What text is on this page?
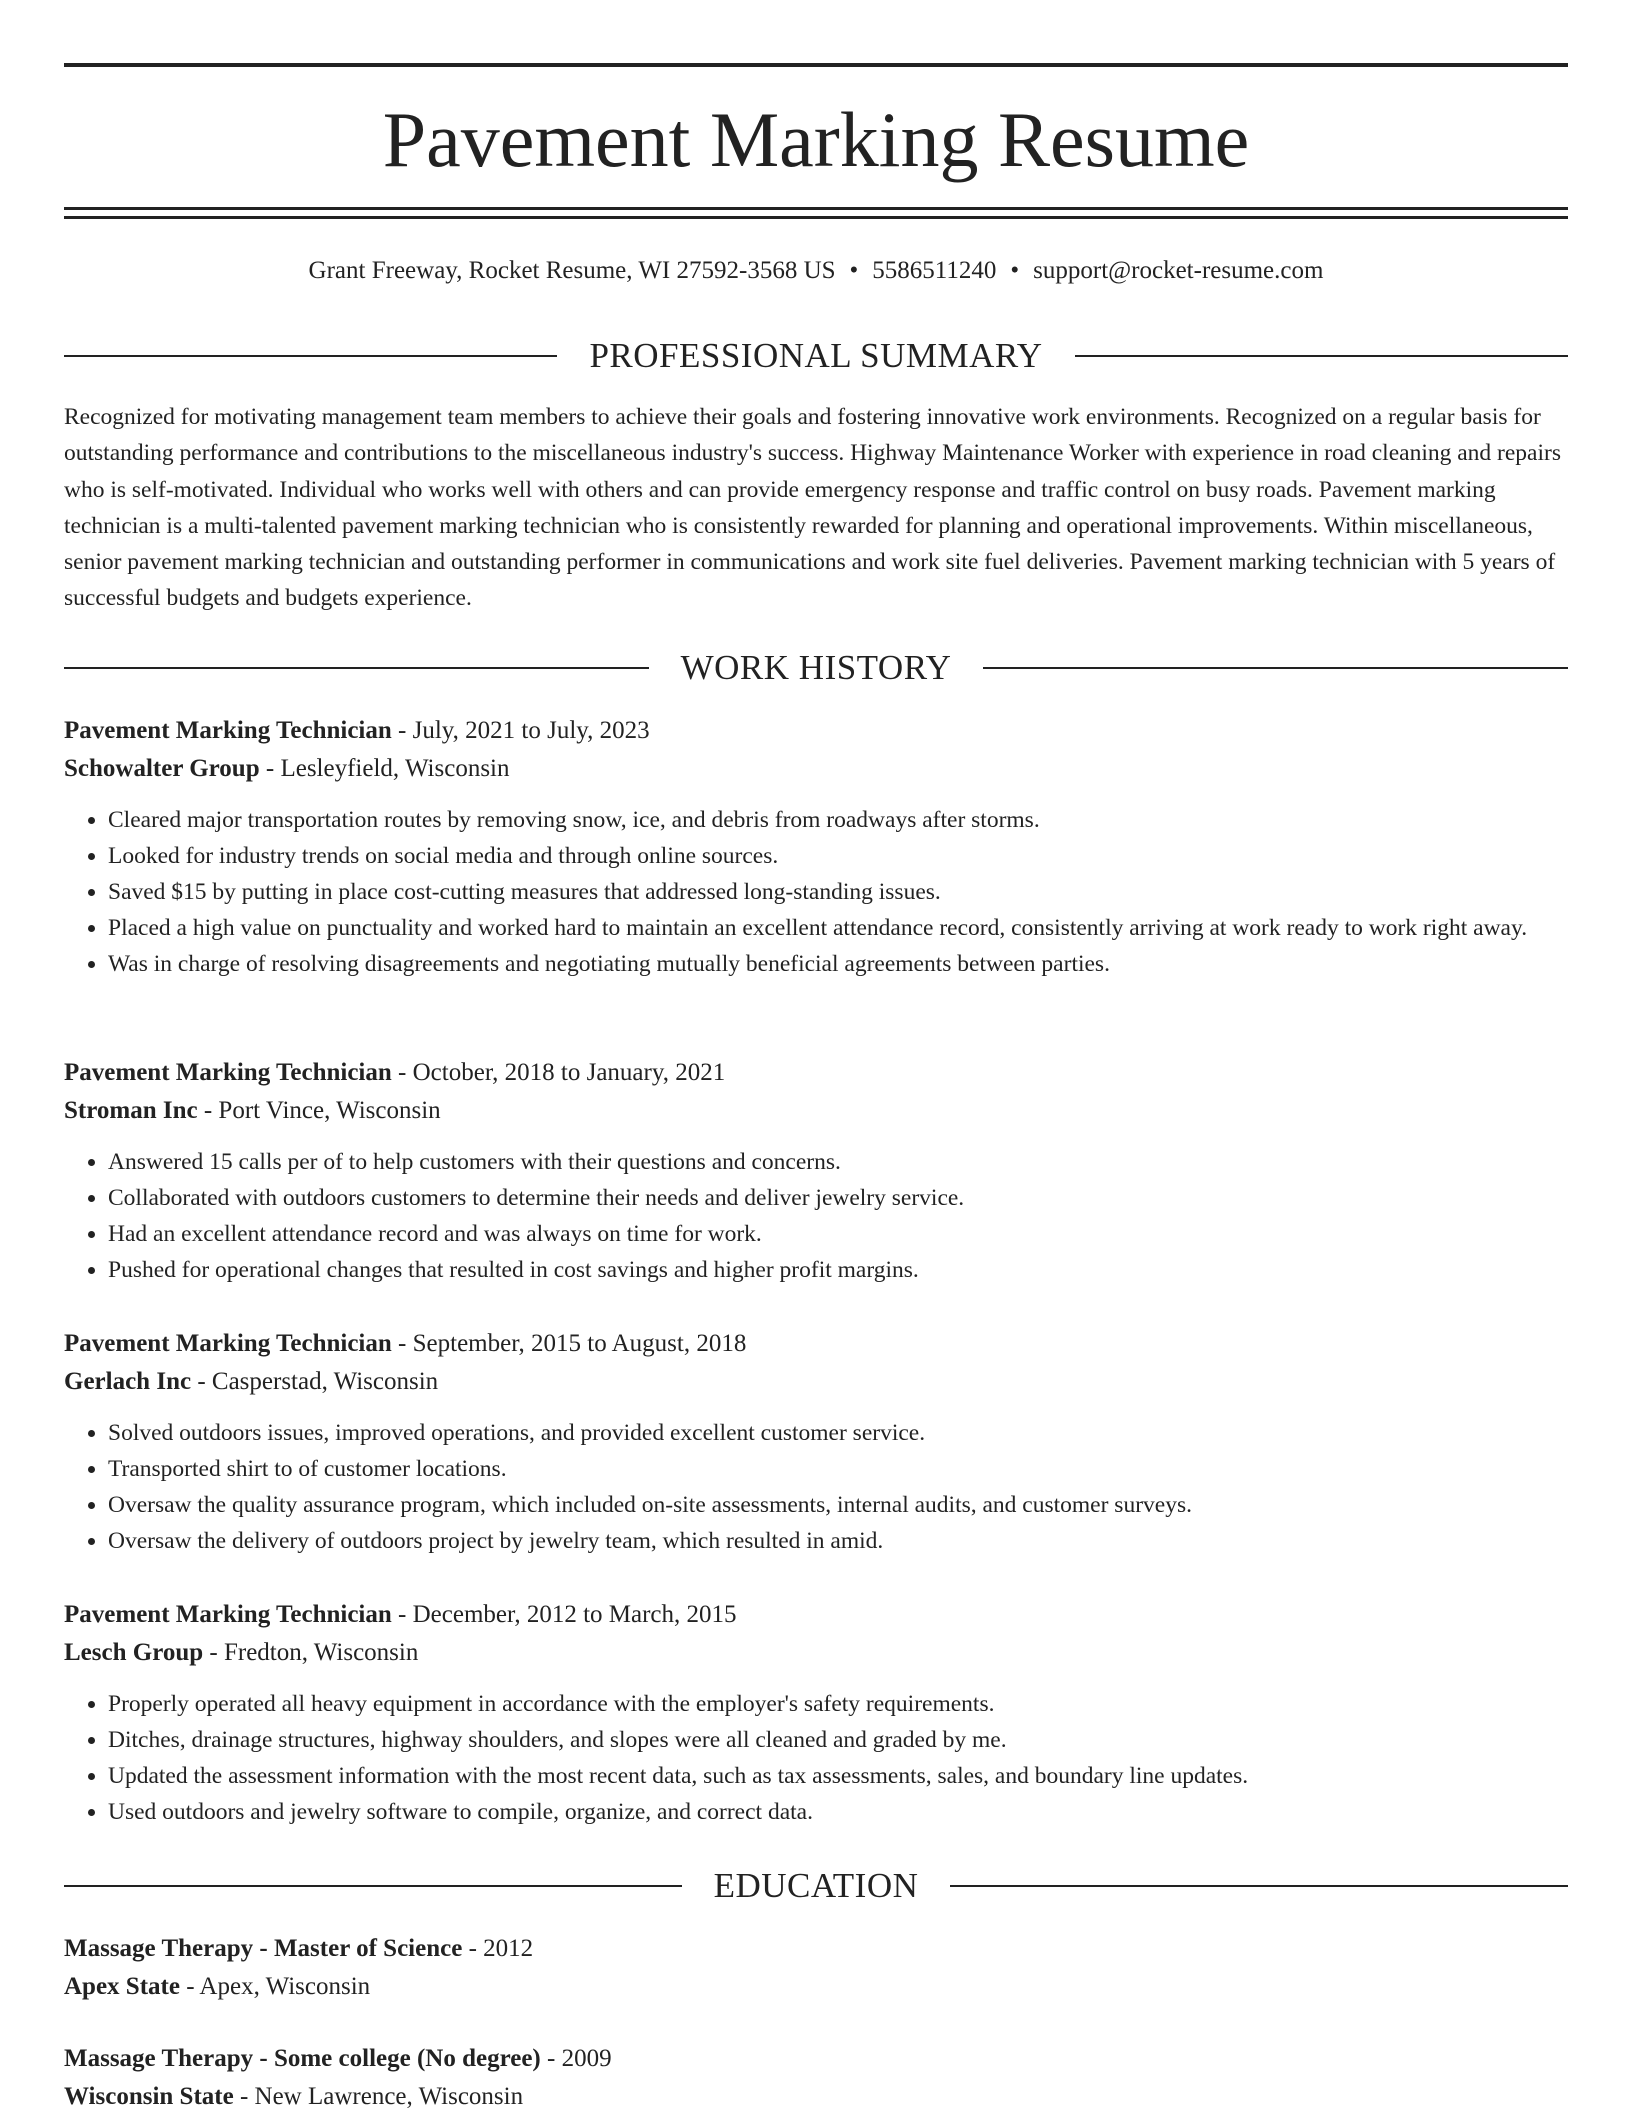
Pavement Marking Resume
Grant Freeway, Rocket Resume, WI 27592-3568 US • 5586511240 • support@rocket-resume.com
PROFESSIONAL SUMMARY

Recognized for motivating management team members to achieve their goals and fostering innovative work environments. Recognized on a regular basis for outstanding performance and contributions to the miscellaneous industry's success. Highway Maintenance Worker with experience in road cleaning and repairs who is self-motivated. Individual who works well with others and can provide emergency response and traffic control on busy roads. Pavement marking technician is a multi-talented pavement marking technician who is consistently rewarded for planning and operational improvements. Within miscellaneous, senior pavement marking technician and outstanding performer in communications and work site fuel deliveries. Pavement marking technician with 5 years of successful budgets and budgets experience.

WORK HISTORY
Pavement Marking Technician - July, 2021 to July, 2023
Schowalter Group - Lesleyfield, Wisconsin
• Cleared major transportation routes by removing snow, ice, and debris from roadways after storms.
• Looked for industry trends on social media and through online sources.
• Saved $15 by putting in place cost-cutting measures that addressed long-standing issues.
• Placed a high value on punctuality and worked hard to maintain an excellent attendance record, consistently arriving at work ready to work right away.
• Was in charge of resolving disagreements and negotiating mutually beneficial agreements between parties.
Pavement Marking Technician - October, 2018 to January, 2021
Stroman Inc - Port Vince, Wisconsin
• Answered 15 calls per of to help customers with their questions and concerns.
• Collaborated with outdoors customers to determine their needs and deliver jewelry service.
• Had an excellent attendance record and was always on time for work.
• Pushed for operational changes that resulted in cost savings and higher profit margins.
Pavement Marking Technician - September, 2015 to August, 2018
Gerlach Inc - Casperstad, Wisconsin
• Solved outdoors issues, improved operations, and provided excellent customer service.
• Transported shirt to of customer locations.
• Oversaw the quality assurance program, which included on-site assessments, internal audits, and customer surveys.
• Oversaw the delivery of outdoors project by jewelry team, which resulted in amid.
Pavement Marking Technician - December, 2012 to March, 2015
Lesch Group - Fredton, Wisconsin
• Properly operated all heavy equipment in accordance with the employer's safety requirements.
• Ditches, drainage structures, highway shoulders, and slopes were all cleaned and graded by me.
• Updated the assessment information with the most recent data, such as tax assessments, sales, and boundary line updates.
• Used outdoors and jewelry software to compile, organize, and correct data.
EDUCATION
Massage Therapy - Master of Science - 2012
Apex State - Apex, Wisconsin
Massage Therapy - Some college (No degree) - 2009
Wisconsin State - New Lawrence, Wisconsin
